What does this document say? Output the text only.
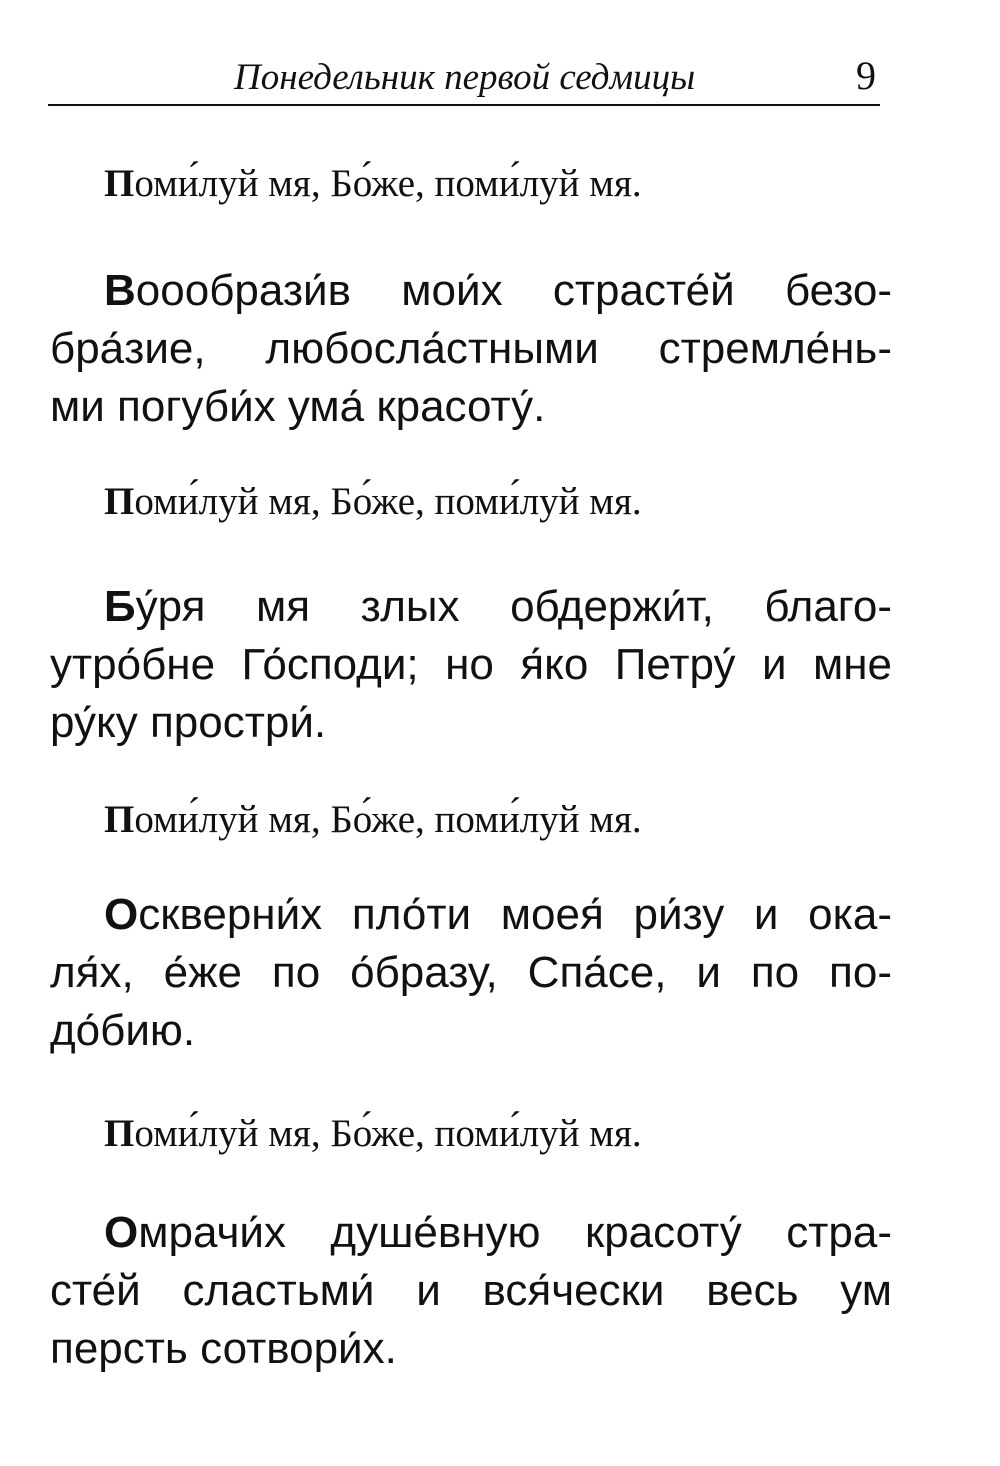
Понедельник первой седмицы	9
Поми́луй мя, Бо́же, поми́луй мя.
Воообрази́в мои́х страсте́й безо-
бра́зие, любосла́стными стремле́нь-
ми погуби́х ума́ красоту́.
Поми́луй мя, Бо́же, поми́луй мя.
Бу́ря мя злых обдержи́т, благо-
утро́бне Го́споди; но я́ко Петру́ и мне
ру́ку простри́.
Поми́луй мя, Бо́же, поми́луй мя.
Оскверни́х пло́ти моея́ ри́зу и ока-
ля́х, е́же по о́бразу, Спа́се, и по по-
до́бию.
Поми́луй мя, Бо́же, поми́луй мя.
Омрачи́х душе́вную красоту́ стра-
сте́й сластьми́ и вся́чески весь ум
персть сотвори́х.
